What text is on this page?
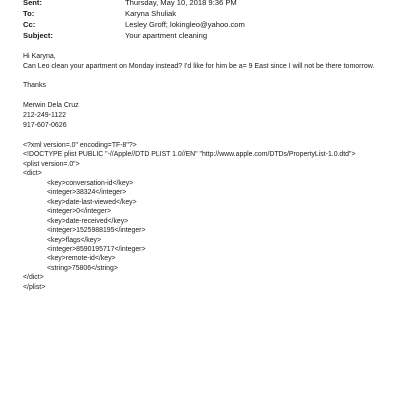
Sent:	Thursday, May 10, 2018 9:36 PM
To:	Karyna Shuliak
Cc:	Lesley Groff; lokingleo@yahoo.com
Subject:	Your apartment cleaning

Hi Karyna,

Can Leo clean your apartment on Monday instead? I'd like for him be a= 9 East since I will not be there tomorrow.

Thanks

Merwin Dela Cruz

212-249-1122

917-607-0626

<?xml version=.0" encoding=TF-8"?>
<!DOCTYPE plist PUBLIC "-//Apple//DTD PLIST 1.0//EN" "http://www.apple.com/DTDs/PropertyList-1.0.dtd">
<plist version=.0">
<dict>
<key>conversation-id</key>
<integer>38324</integer>
<key>date-last-viewed</key>
<integer>0</integer>
<key>date-received</key>
<integer>1525988195</integer>
<key>flags</key>
<integer>8590195717</integer>
<key>remote-id</key>
<string>75806</string>
</dict>
</plist>
